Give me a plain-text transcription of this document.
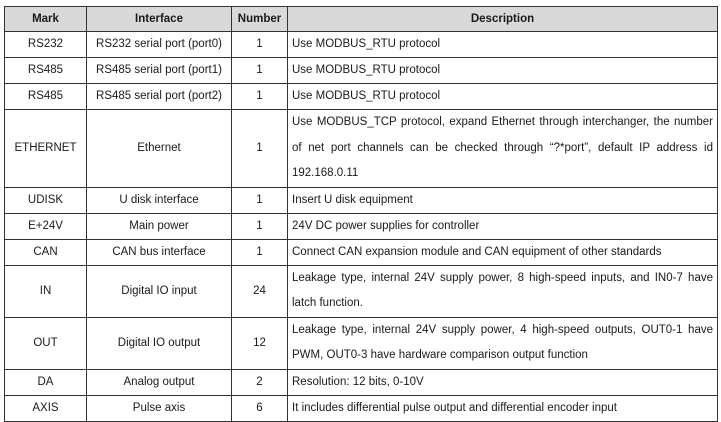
Mark	Interface	Number	Description
RS232	RS232 serial port (port0)	1	Use MODBUS_RTU protocol
RS485	RS485 serial port (port1)	1	Use MODBUS_RTU protocol
RS485	RS485 serial port (port2)	1	Use MODBUS_RTU protocol
ETHERNET	Ethernet	1	Use MODBUS_TCP protocol, expand Ethernet through interchanger, the number of net port channels can be checked through “?*port”, default IP address id 192.168.0.11
UDISK	U disk interface	1	Insert U disk equipment
E+24V	Main power	1	24V DC power supplies for controller
CAN	CAN bus interface	1	Connect CAN expansion module and CAN equipment of other standards
IN	Digital IO input	24	Leakage type, internal 24V supply power, 8 high-speed inputs, and IN0-7 have latch function.
OUT	Digital IO output	12	Leakage type, internal 24V supply power, 4 high-speed outputs, OUT0-1 have PWM, OUT0-3 have hardware comparison output function
DA	Analog output	2	Resolution: 12 bits, 0-10V
AXIS	Pulse axis	6	It includes differential pulse output and differential encoder input
